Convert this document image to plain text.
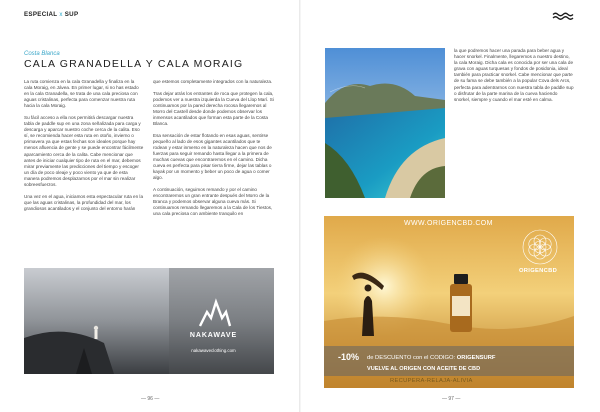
ESPECIAL x SUP
Costa Blanca
CALA GRANADELLA Y CALA MORAIG

La ruta comienza en la cala Granadella y finaliza en la cala Moraig, en Jávea. En primer lugar, si no has estado en la cala Granadella, se trata de una cala preciosa con aguas cristalinas, perfecta para comenzar nuestra ruta hacia la cala Moraig.

Su fácil acceso a ella nos permitirá descargar nuestra tabla de paddle sup en una zona señalizada para carga y descarga y aparcar nuestro coche cerca de la calita. Eso sí, se recomienda hacer esta ruta en otoño, invierno o primavera ya que estas fechas son ideales porque hay menos afluencia de gente y se puede encontrar fácilmente aparcamiento cerca de la calita. Cabe mencionar que antes de iniciar cualquier tipo de ruta en el mar, debemos mirar previamente las predicciones del tiempo y escoger un día de poco oleaje y poco viento ya que de esta manera podremos desplazarnos por el mar sin realizar sobreesfuerzos.

Una vez en el agua, iniciamos esta espectacular ruta en la que las aguas cristalinas, la profundidad del mar, los grandiosos acantilados y el conjunto del entorno harán

que estemos completamente integrados con la naturaleza.

Tras dejar atrás los entrantes de roca que protegen la cala, podemos ver a nuestra izquierda la Cueva del Llop Marí. Si continuamos por la pared derecha rocosa llegaremos al Morro del Castell desde donde podemos observar los inmensos acantilados que forman esta parte de la Costa Blanca.

Esa sensación de estar flotando en esas aguas, sentirse pequeño al lado de esos gigantes acantilados que te rodean y estar inmerso en la naturaleza hacen que nos de fuerzas para seguir remando hasta llegar a la primera de muchas cuevas que encontraremos en el camino. Dicha cueva es perfecta para pisar tierra firme, dejar las tablas o kayak por un momento y beber un poco de agua o comer algo.

A continuación, seguimos remando y por el camino encontraremos un gran entrante después del Morro de la Branca y podemos observar alguna cueva más. Si continuamos remando llegaremos a la Cala de los Tiestos, una cala preciosa con ambiente tranquilo en

la que podremos hacer una parada para beber agua y hacer snorkel. Finalmente, llegaremos a nuestro destino, la cala Moraig. Dicha cala es conocida por ser una cala de grava con aguas turquesas y fondos de posidonia, ideal también para practicar snorkel. Cabe mencionar que parte de su fama se debe también a la popular Cova dels Arcs, perfecta para adentrarnos con nuestra tabla de paddle sup o disfrutar de la parte marina de la cueva haciendo snorkel, siempre y cuando el mar esté en calma.

NAKAWAVE
nakawaveclothing.com
WWW.ORIGENCBD.COM
ORIGENCBD
-10% de DESCUENTO con el CODIGO: ORIGENSURF
VUELVE AL ORIGEN CON ACEITE DE CBD
RECUPERA-RELAJA-ALIVIA
— 96 —	— 97 —
